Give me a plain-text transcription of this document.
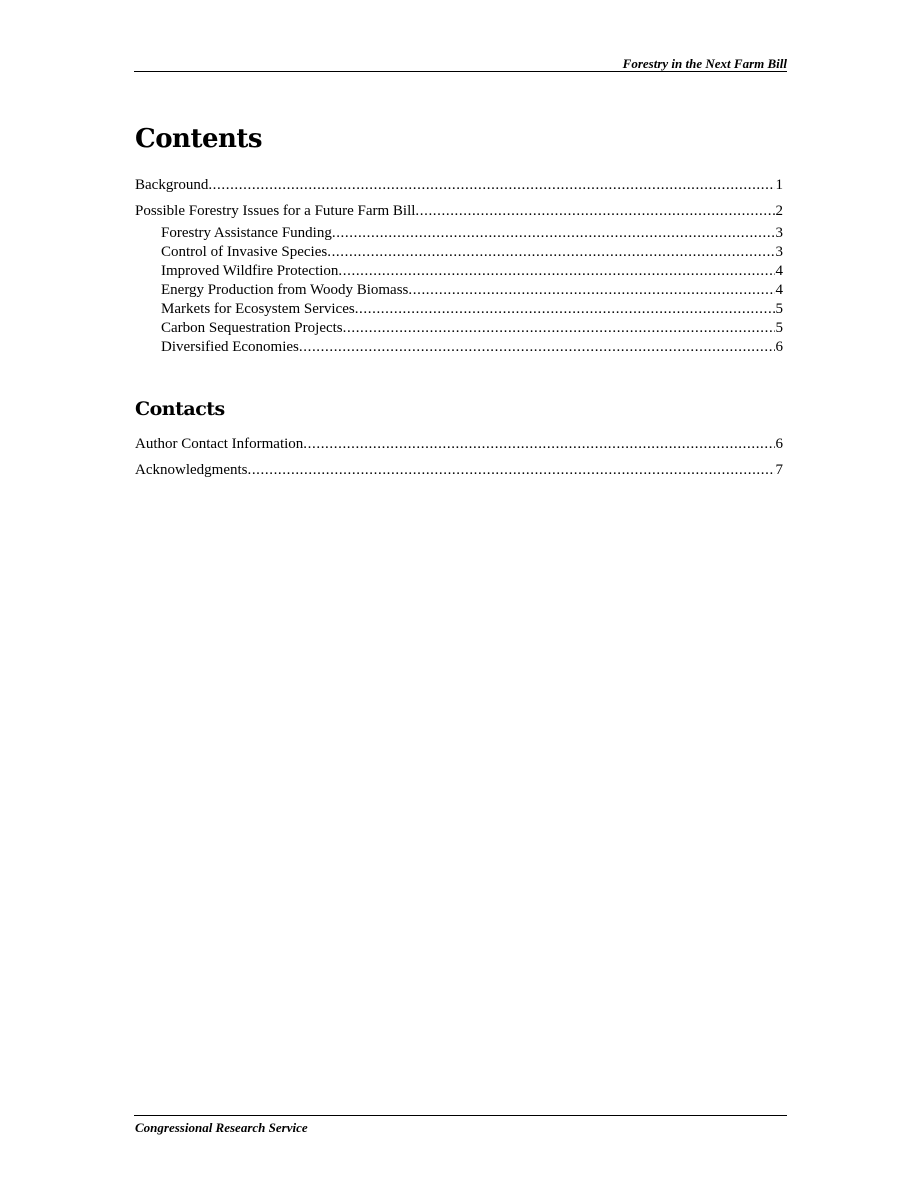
Forestry in the Next Farm Bill
Contents
Background .....	1
Possible Forestry Issues for a Future Farm Bill .....	2
Forestry Assistance Funding .....	3
Control of Invasive Species .....	3
Improved Wildfire Protection .....	4
Energy Production from Woody Biomass .....	4
Markets for Ecosystem Services .....	5
Carbon Sequestration Projects .....	5
Diversified Economies .....	6
Contacts
Author Contact Information .....	6
Acknowledgments .....	7
Congressional Research Service
